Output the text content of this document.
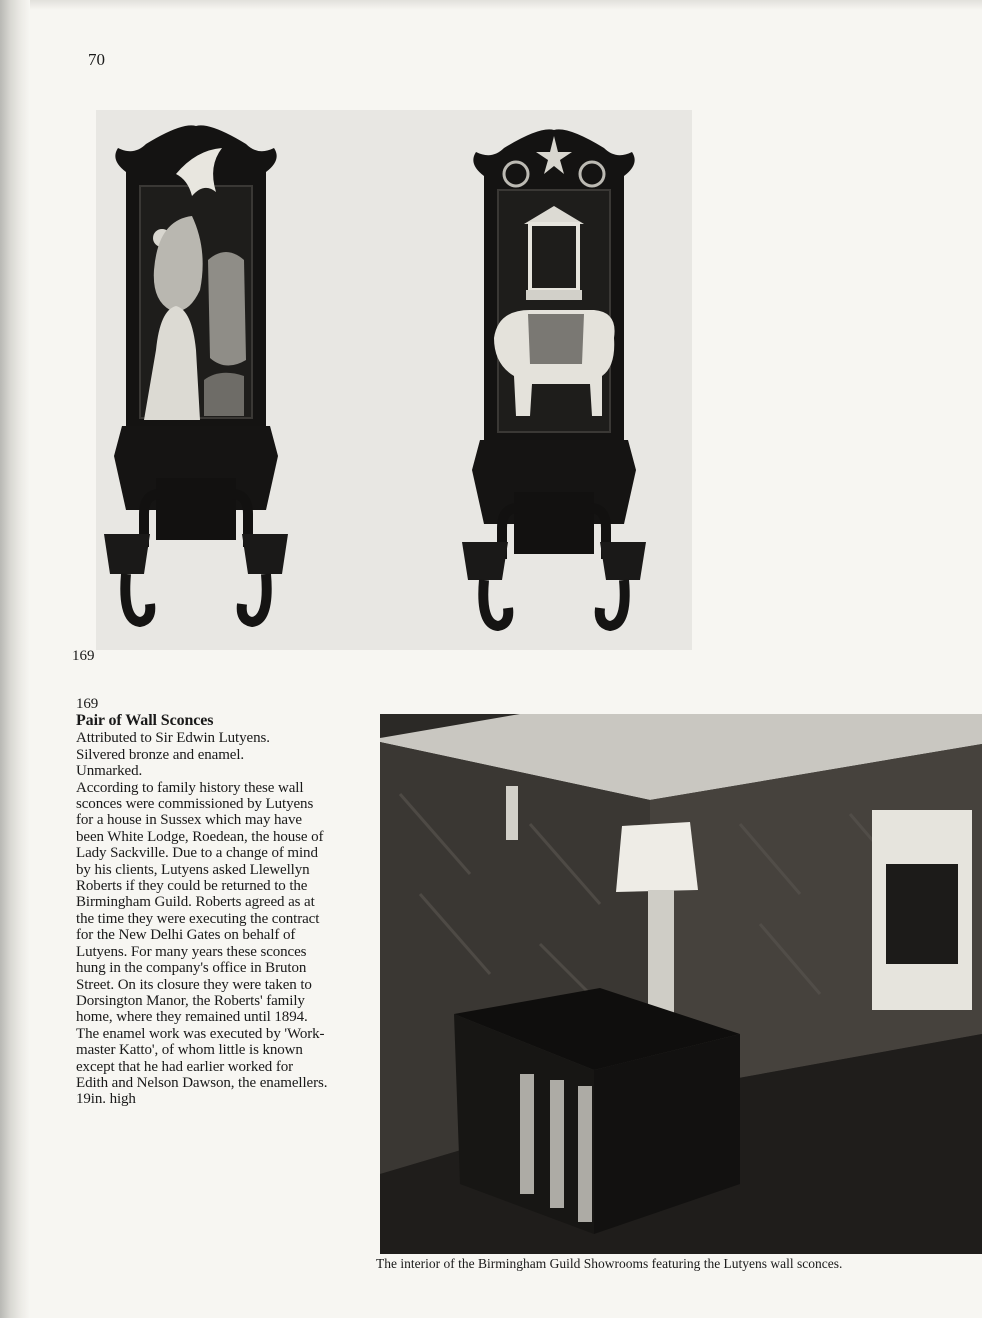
70
169
169
Pair of Wall Sconces
Attributed to Sir Edwin Lutyens.
Silvered bronze and enamel.
Unmarked.
According to family history these wall
sconces were commissioned by Lutyens
for a house in Sussex which may have
been White Lodge, Roedean, the house of
Lady Sackville. Due to a change of mind
by his clients, Lutyens asked Llewellyn
Roberts if they could be returned to the
Birmingham Guild. Roberts agreed as at
the time they were executing the contract
for the New Delhi Gates on behalf of
Lutyens. For many years these sconces
hung in the company's office in Bruton
Street. On its closure they were taken to
Dorsington Manor, the Roberts' family
home, where they remained until 1894.
The enamel work was executed by 'Work-
master Katto', of whom little is known
except that he had earlier worked for
Edith and Nelson Dawson, the enamellers.
19in. high
The interior of the Birmingham Guild Showrooms featuring the Lutyens wall sconces.
